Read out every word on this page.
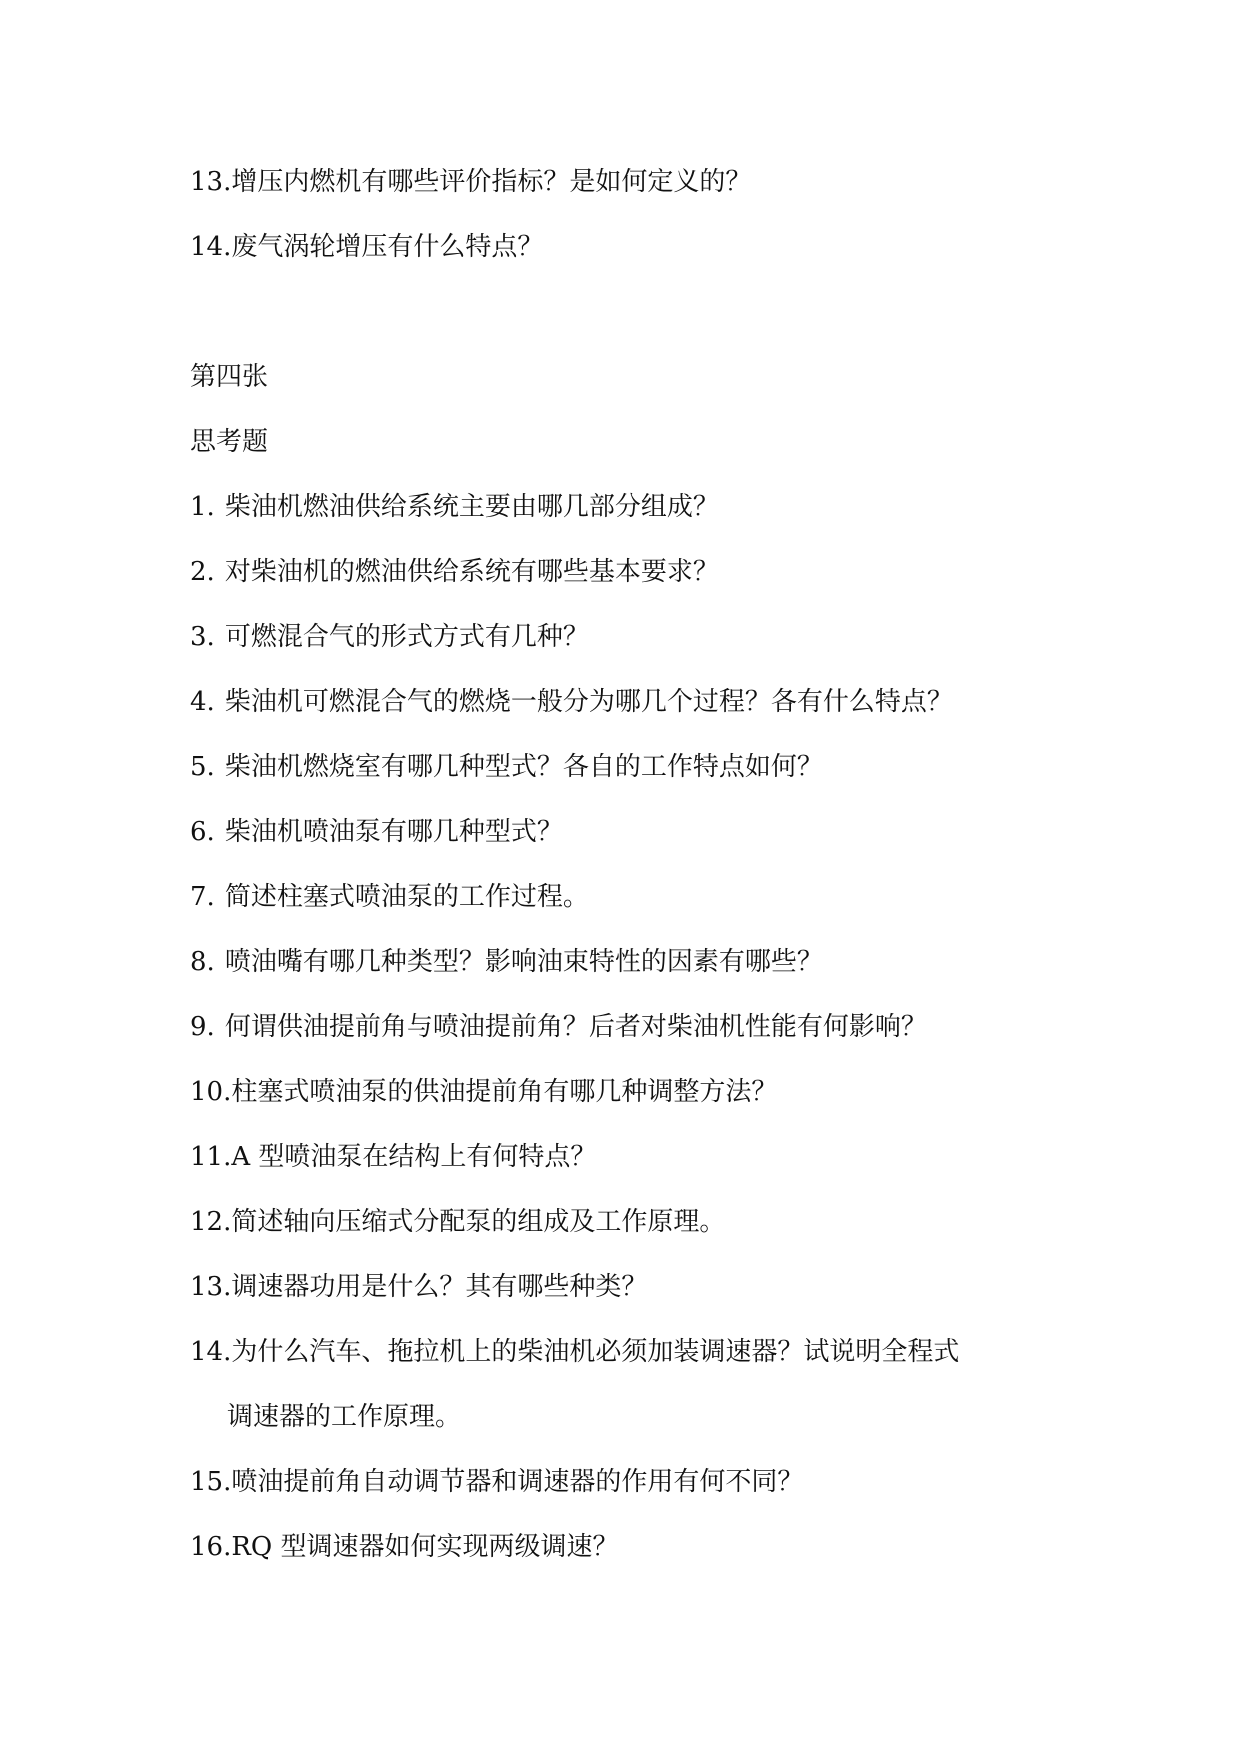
13.增压内燃机有哪些评价指标？是如何定义的？
14.废气涡轮增压有什么特点？
第四张
思考题
1. 柴油机燃油供给系统主要由哪几部分组成？
2. 对柴油机的燃油供给系统有哪些基本要求？
3. 可燃混合气的形式方式有几种？
4. 柴油机可燃混合气的燃烧一般分为哪几个过程？各有什么特点？
5. 柴油机燃烧室有哪几种型式？各自的工作特点如何？
6. 柴油机喷油泵有哪几种型式？
7. 简述柱塞式喷油泵的工作过程。
8. 喷油嘴有哪几种类型？影响油束特性的因素有哪些？
9. 何谓供油提前角与喷油提前角？后者对柴油机性能有何影响？
10.柱塞式喷油泵的供油提前角有哪几种调整方法？
11.A 型喷油泵在结构上有何特点？
12.简述轴向压缩式分配泵的组成及工作原理。
13.调速器功用是什么？其有哪些种类？
14.为什么汽车、拖拉机上的柴油机必须加装调速器？试说明全程式
调速器的工作原理。
15.喷油提前角自动调节器和调速器的作用有何不同？
16.RQ 型调速器如何实现两级调速？
